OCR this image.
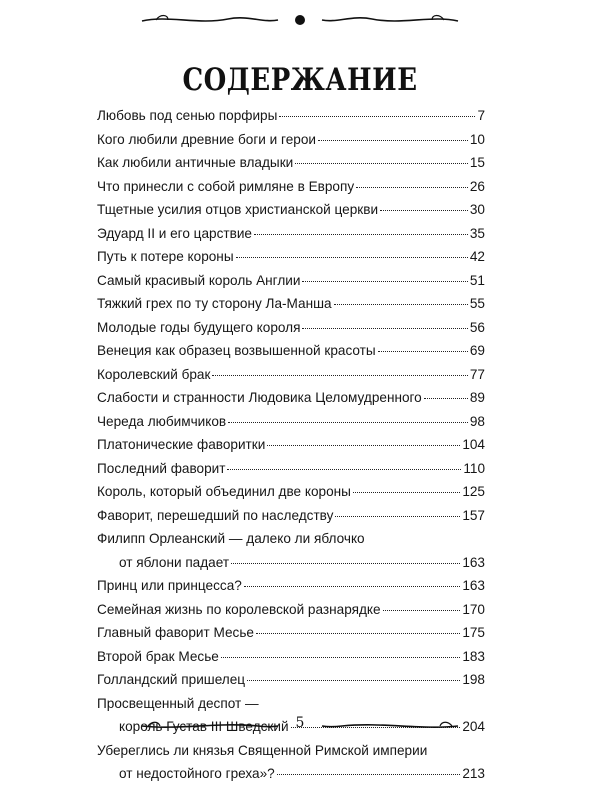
СОДЕРЖАНИЕ
Любовь под сенью порфиры	7
Кого любили древние боги и герои	10
Как любили античные владыки	15
Что принесли с собой римляне в Европу	26
Тщетные усилия отцов христианской церкви	30
Эдуард II и его царствие	35
Путь к потере короны	42
Самый красивый король Англии	51
Тяжкий грех по ту сторону Ла-Манша	55
Молодые годы будущего короля	56
Венеция как образец возвышенной красоты	69
Королевский брак	77
Слабости и странности Людовика Целомудренного	89
Череда любимчиков	98
Платонические фаворитки	104
Последний фаворит	110
Король, который объединил две короны	125
Фаворит, перешедший по наследству	157
Филипп Орлеанский — далеко ли яблочко
от яблони падает	163
Принц или принцесса?	163
Семейная жизнь по королевской разнарядке	170
Главный фаворит Месье	175
Второй брак Месье	183
Голландский пришелец	198
Просвещенный деспот —
король Густав III Шведский	204
Уберeглись ли князья Священной Римской империи
от недостойного греха»?	213
5
